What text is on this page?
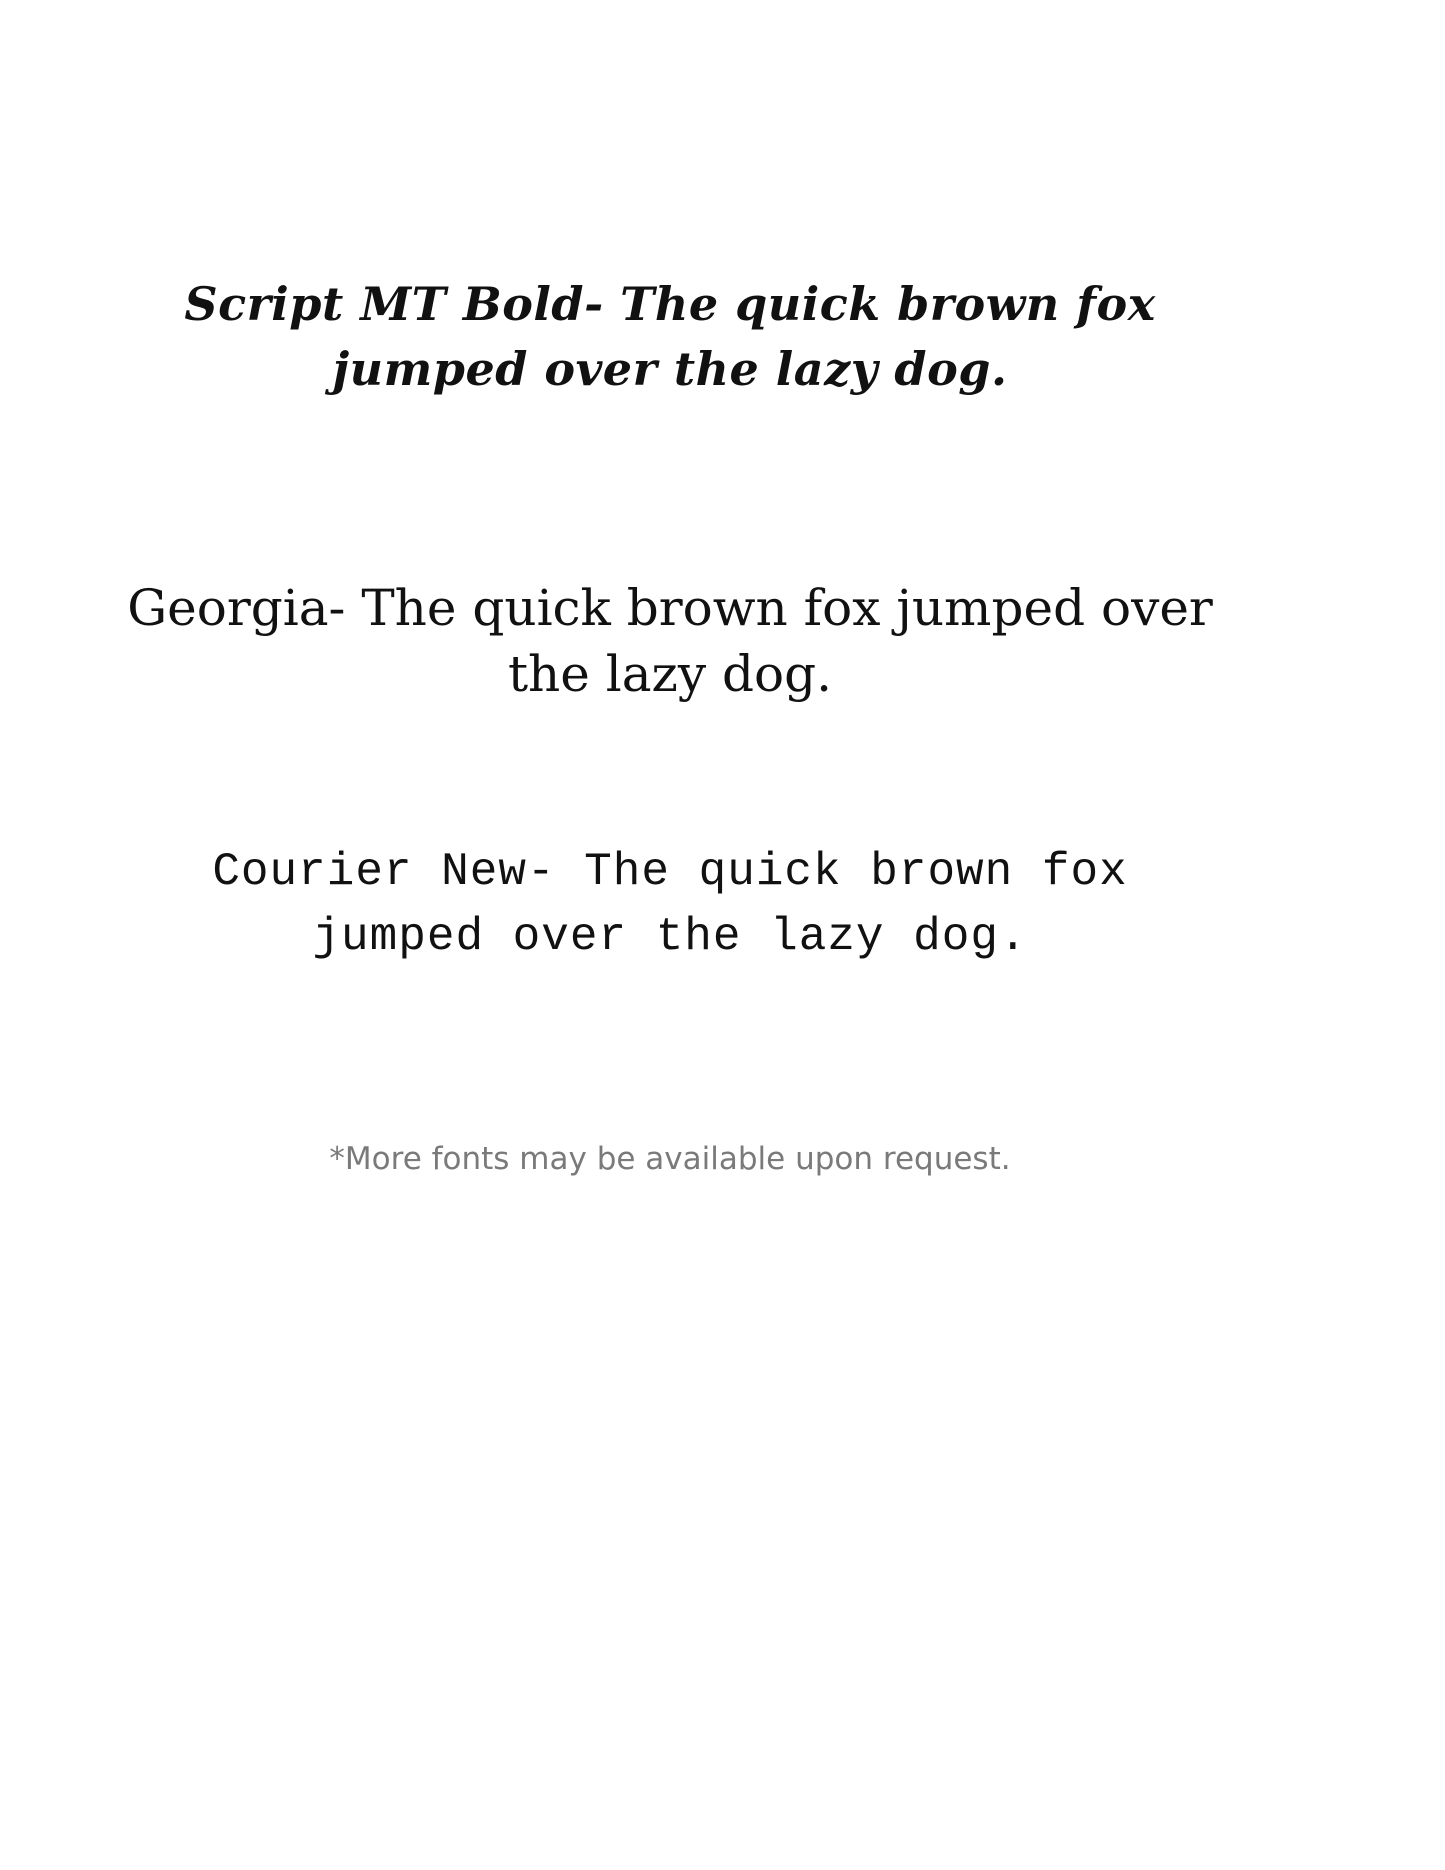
Script MT Bold- The quick brown fox jumped over the lazy dog.
Georgia- The quick brown fox jumped over the lazy dog.
Courier New- The quick brown fox jumped over the lazy dog.
*More fonts may be available upon request.
